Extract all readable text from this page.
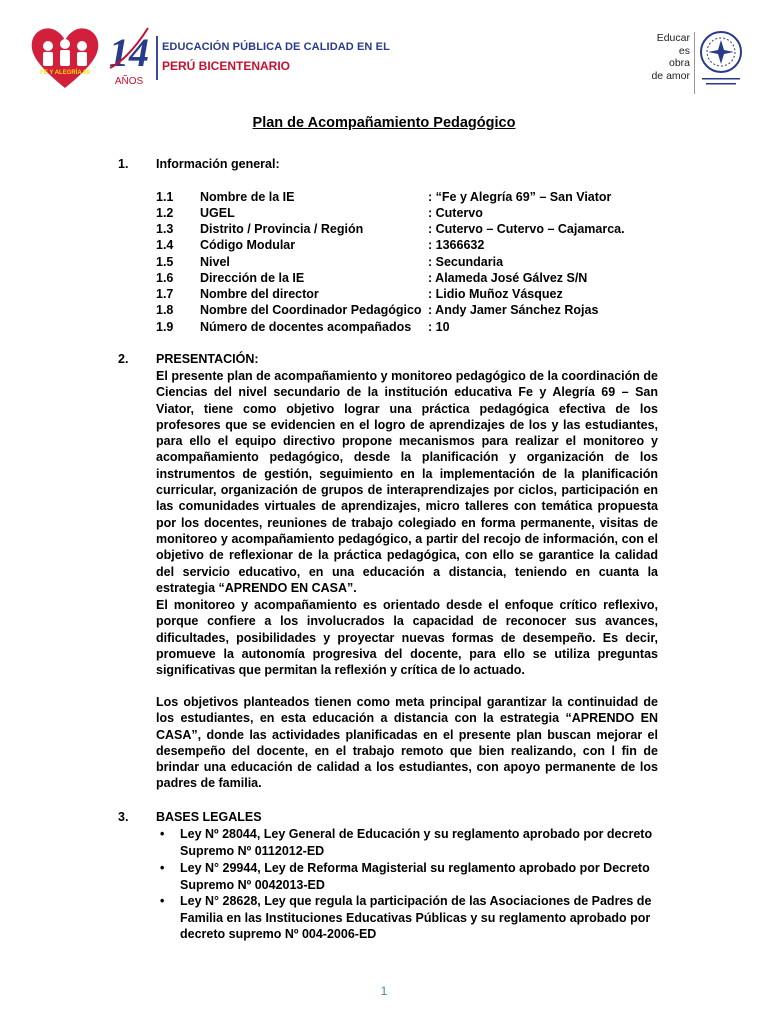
FE Y ALEGRÍA 69 14
AÑOS
EDUCACIÓN PÚBLICA DE CALIDAD EN EL
PERÚ BICENTENARIO
Educar
es
obra
de amor
Plan de Acompañamiento Pedagógico
1. Información general:
1.1 Nombre de la IE	: “Fe y Alegría 69” – San Viator
1.2 UGEL	: Cutervo
1.3 Distrito / Provincia / Región	: Cutervo – Cutervo – Cajamarca.
1.4 Código Modular	: 1366632
1.5 Nivel	: Secundaria
1.6 Dirección de la IE	: Alameda José Gálvez S/N
1.7 Nombre del director	: Lidio Muñoz Vásquez
1.8 Nombre del Coordinador Pedagógico : Andy Jamer Sánchez Rojas
1.9 Número de docentes acompañados : 10
2. PRESENTACIÓN:
El presente plan de acompañamiento y monitoreo pedagógico de la coordinación de Ciencias del nivel secundario de la institución educativa Fe y Alegría 69 – San Viator, tiene como objetivo lograr una práctica pedagógica efectiva de los profesores que se evidencien en el logro de aprendizajes de los y las estudiantes, para ello el equipo directivo propone mecanismos para realizar el monitoreo y acompañamiento pedagógico, desde la planificación y organización de los instrumentos de gestión, seguimiento en la implementación de la planificación curricular, organización de grupos de interaprendizajes por ciclos, participación en las comunidades virtuales de aprendizajes, micro talleres con temática propuesta por los docentes, reuniones de trabajo colegiado en forma permanente, visitas de monitoreo y acompañamiento pedagógico, a partir del recojo de información, con el objetivo de reflexionar de la práctica pedagógica, con ello se garantice la calidad del servicio educativo, en una educación a distancia, teniendo en cuanta la estrategia “APRENDO EN CASA”.
El monitoreo y acompañamiento es orientado desde el enfoque crítico reflexivo, porque confiere a los involucrados la capacidad de reconocer sus avances, dificultades, posibilidades y proyectar nuevas formas de desempeño. Es decir, promueve la autonomía progresiva del docente, para ello se utiliza preguntas significativas que permitan la reflexión y crítica de lo actuado.
Los objetivos planteados tienen como meta principal garantizar la continuidad de los estudiantes, en esta educación a distancia con la estrategia “APRENDO EN CASA”, donde las actividades planificadas en el presente plan buscan mejorar el desempeño del docente, en el trabajo remoto que bien realizando, con l fin de brindar una educación de calidad a los estudiantes, con apoyo permanente de los padres de familia.
3. BASES LEGALES
• Ley Nº 28044, Ley General de Educación y su reglamento aprobado por decreto Supremo Nº 0112012-ED
• Ley N° 29944, Ley de Reforma Magisterial su reglamento aprobado por Decreto Supremo Nº 0042013-ED
• Ley N° 28628, Ley que regula la participación de las Asociaciones de Padres de Familia en las Instituciones Educativas Públicas y su reglamento aprobado por decreto supremo Nº 004-2006-ED
1
